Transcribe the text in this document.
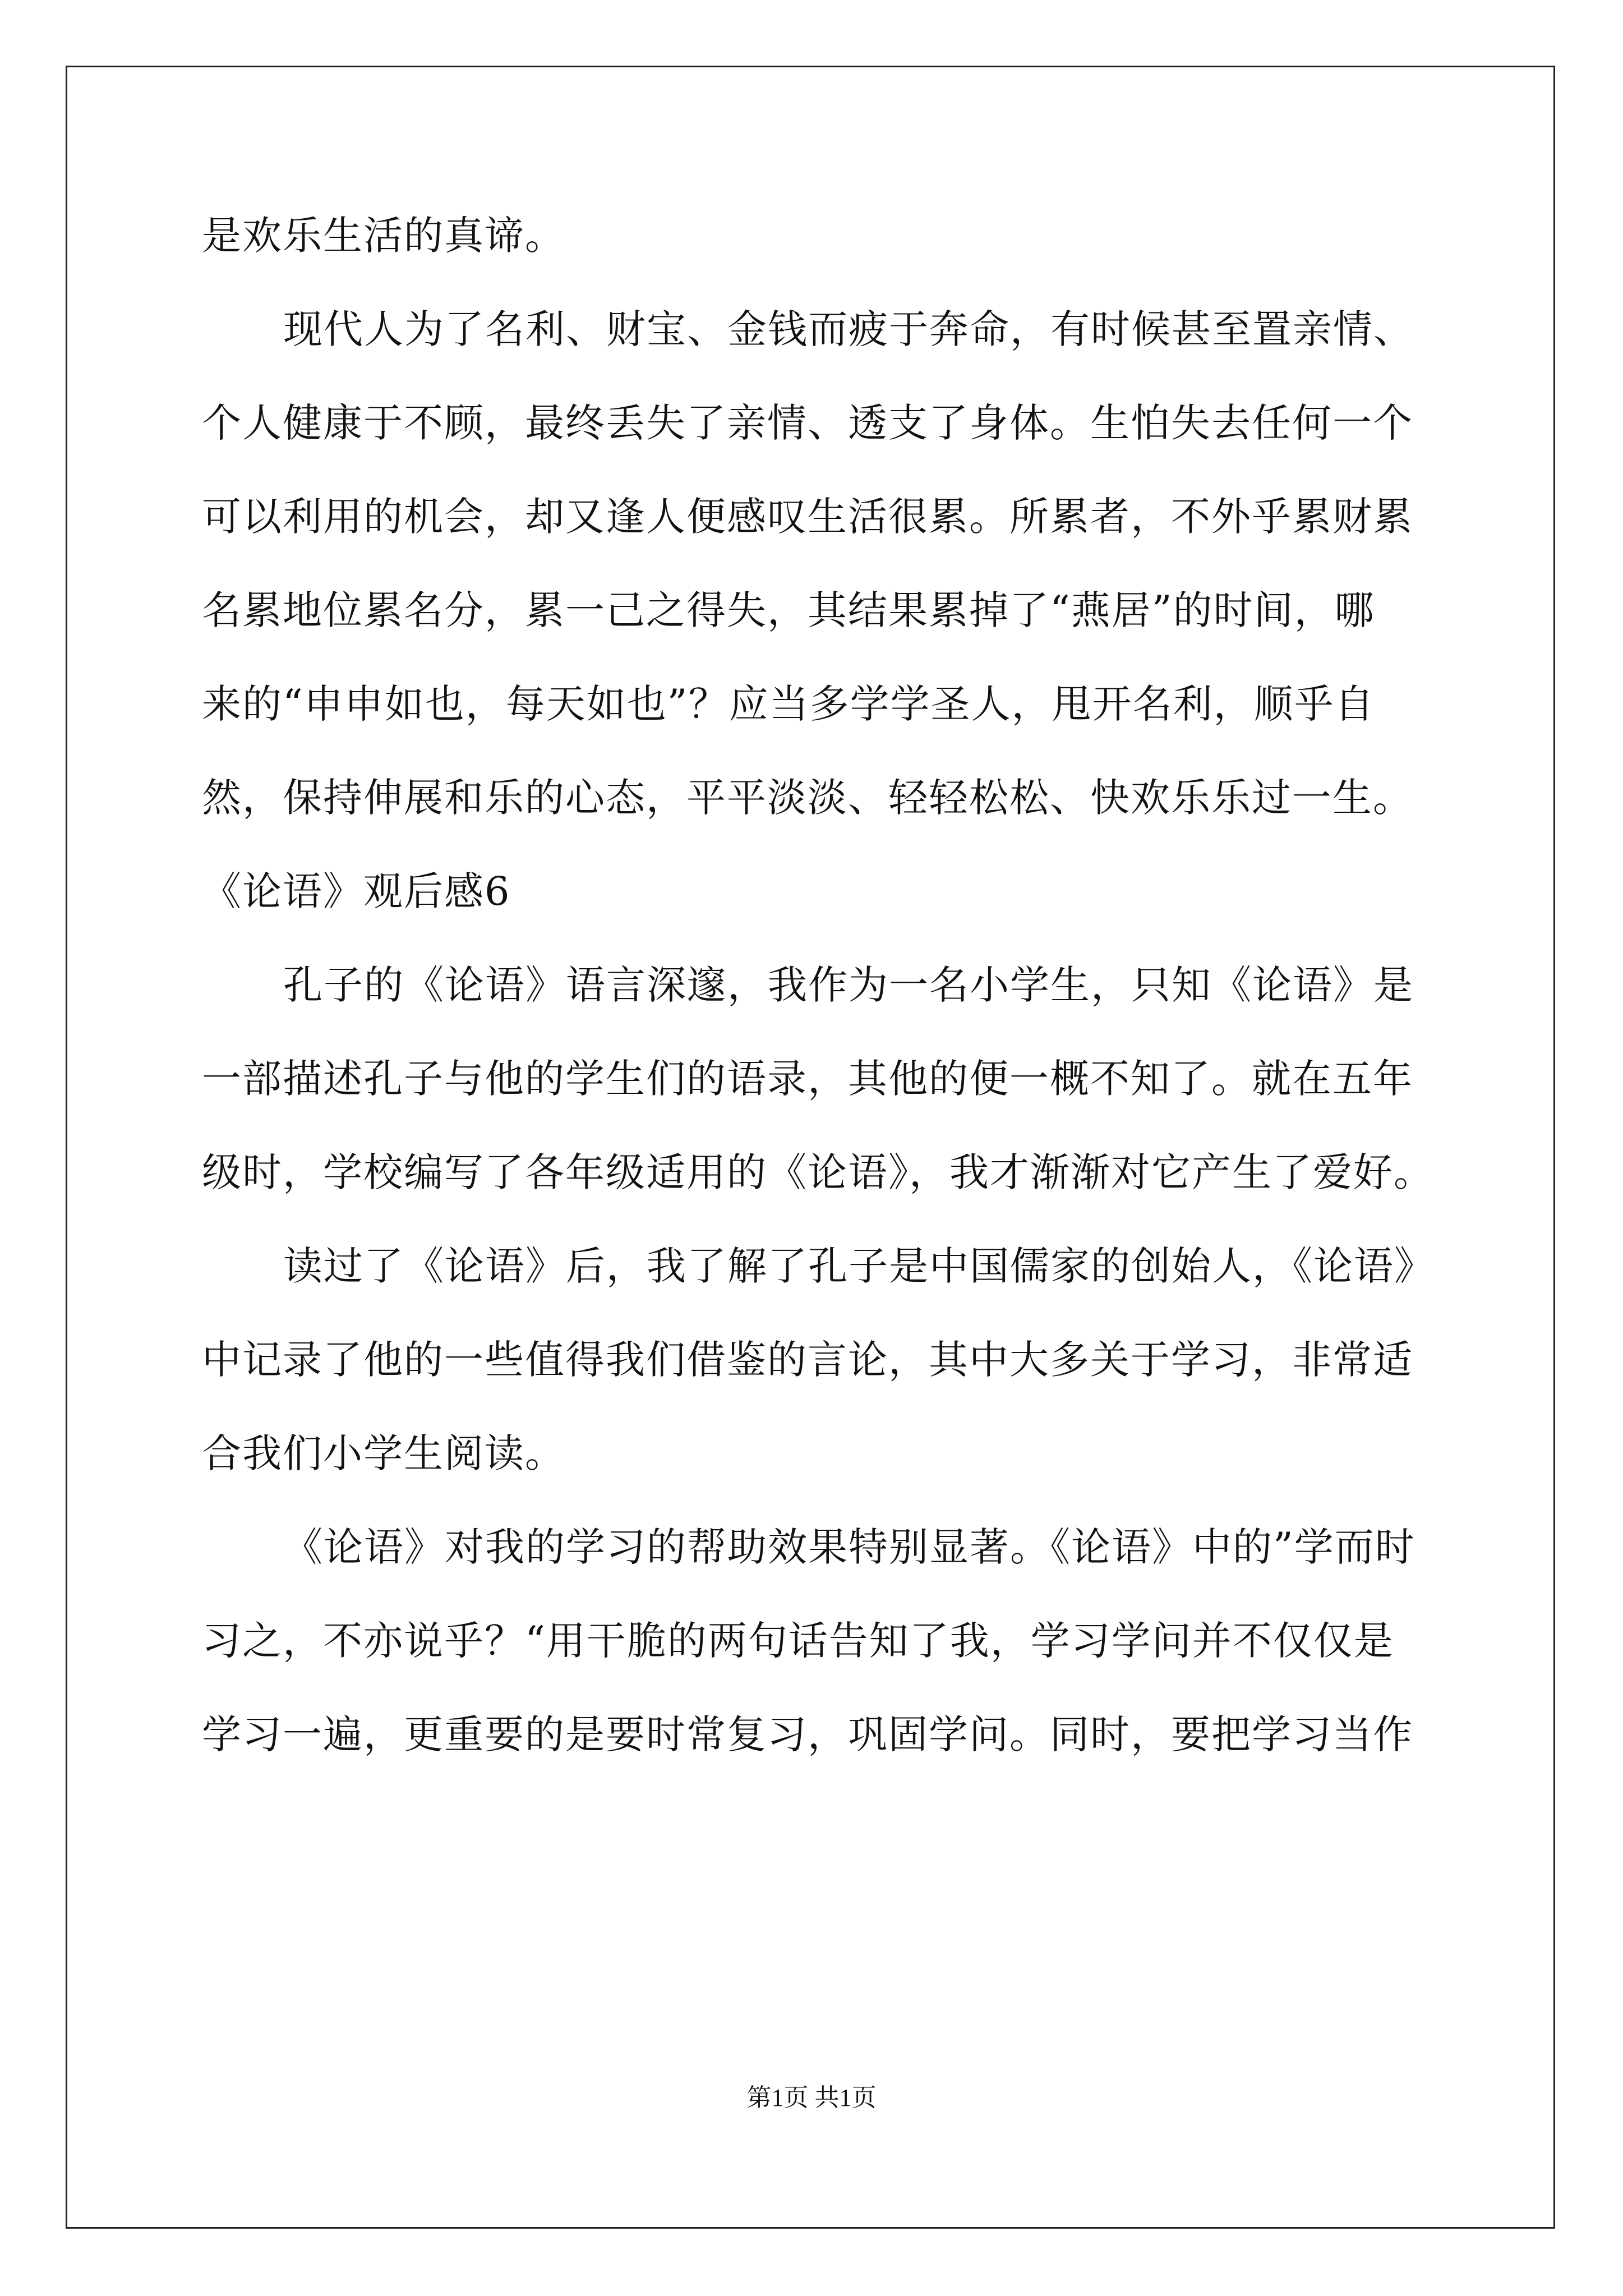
是欢乐生活的真谛。
现代人为了名利、财宝、金钱而疲于奔命，有时候甚至置亲情、
个人健康于不顾，最终丢失了亲情、透支了身体。生怕失去任何一个
可以利用的机会，却又逢人便感叹生活很累。所累者，不外乎累财累
名累地位累名分，累一己之得失，其结果累掉了“燕居”的时间，哪
来的“申申如也，每天如也”？应当多学学圣人，甩开名利，顺乎自
然，保持伸展和乐的心态，平平淡淡、轻轻松松、快欢乐乐过一生。
《论语》观后感6
孔子的《论语》语言深邃，我作为一名小学生，只知《论语》是
一部描述孔子与他的学生们的语录，其他的便一概不知了。就在五年
级时，学校编写了各年级适用的《论语》，我才渐渐对它产生了爱好。
读过了《论语》后，我了解了孔子是中国儒家的创始人，《论语》
中记录了他的一些值得我们借鉴的言论，其中大多关于学习，非常适
合我们小学生阅读。
《论语》对我的学习的帮助效果特别显著。《论语》中的”学而时
习之，不亦说乎？“用干脆的两句话告知了我，学习学问并不仅仅是
学习一遍，更重要的是要时常复习，巩固学问。同时，要把学习当作
第1页 共1页
